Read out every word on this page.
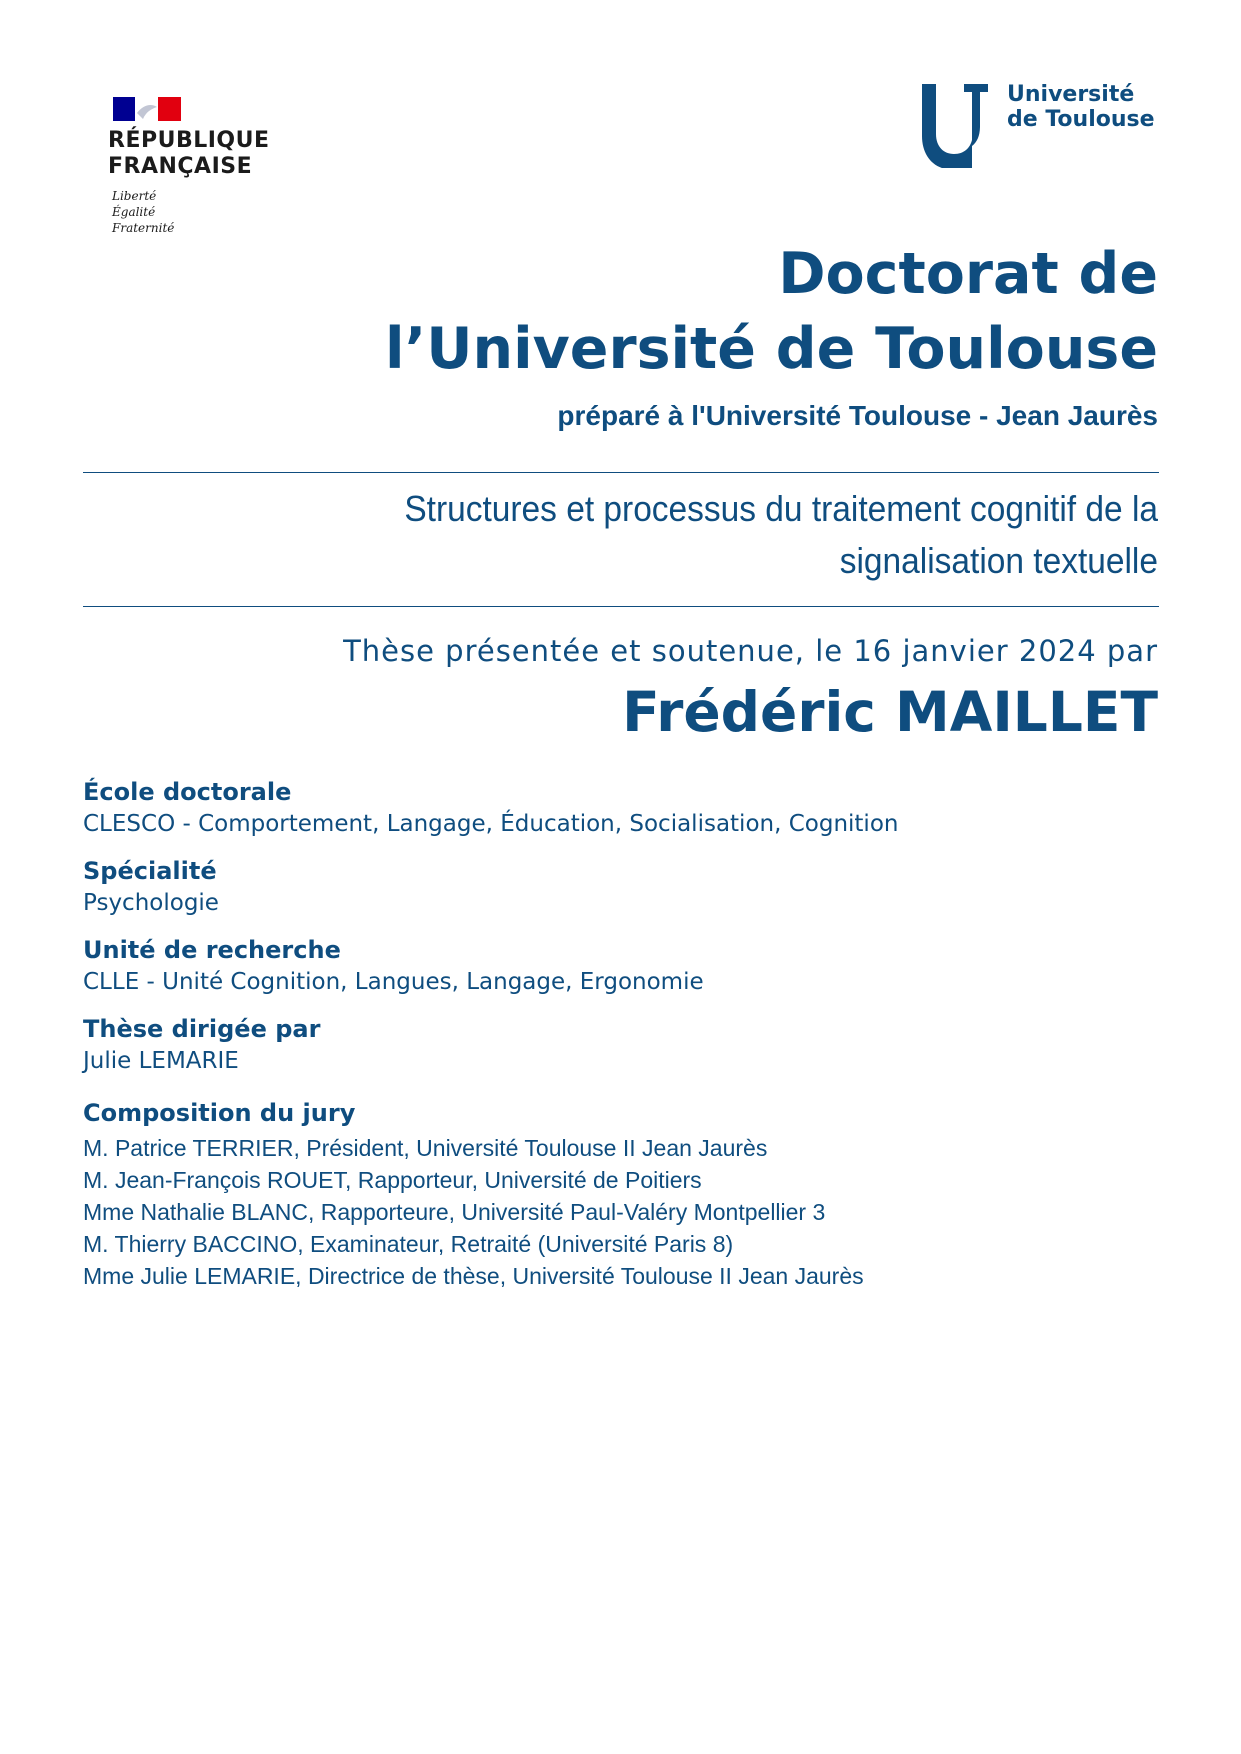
RÉPUBLIQUE
FRANÇAISE
Liberté
Égalité
Fraternité
Université
de Toulouse
Doctorat de
l’Université de Toulouse
préparé à l'Université Toulouse - Jean Jaurès
Structures et processus du traitement cognitif de la
signalisation textuelle
Thèse présentée et soutenue, le 16 janvier 2024 par
Frédéric MAILLET
École doctorale
CLESCO - Comportement, Langage, Éducation, Socialisation, Cognition
Spécialité
Psychologie
Unité de recherche
CLLE - Unité Cognition, Langues, Langage, Ergonomie
Thèse dirigée par
Julie LEMARIE
Composition du jury
M. Patrice TERRIER, Président, Université Toulouse II Jean Jaurès
M. Jean-François ROUET, Rapporteur, Université de Poitiers
Mme Nathalie BLANC, Rapporteure, Université Paul-Valéry Montpellier 3
M. Thierry BACCINO, Examinateur, Retraité (Université Paris 8)
Mme Julie LEMARIE, Directrice de thèse, Université Toulouse II Jean Jaurès
